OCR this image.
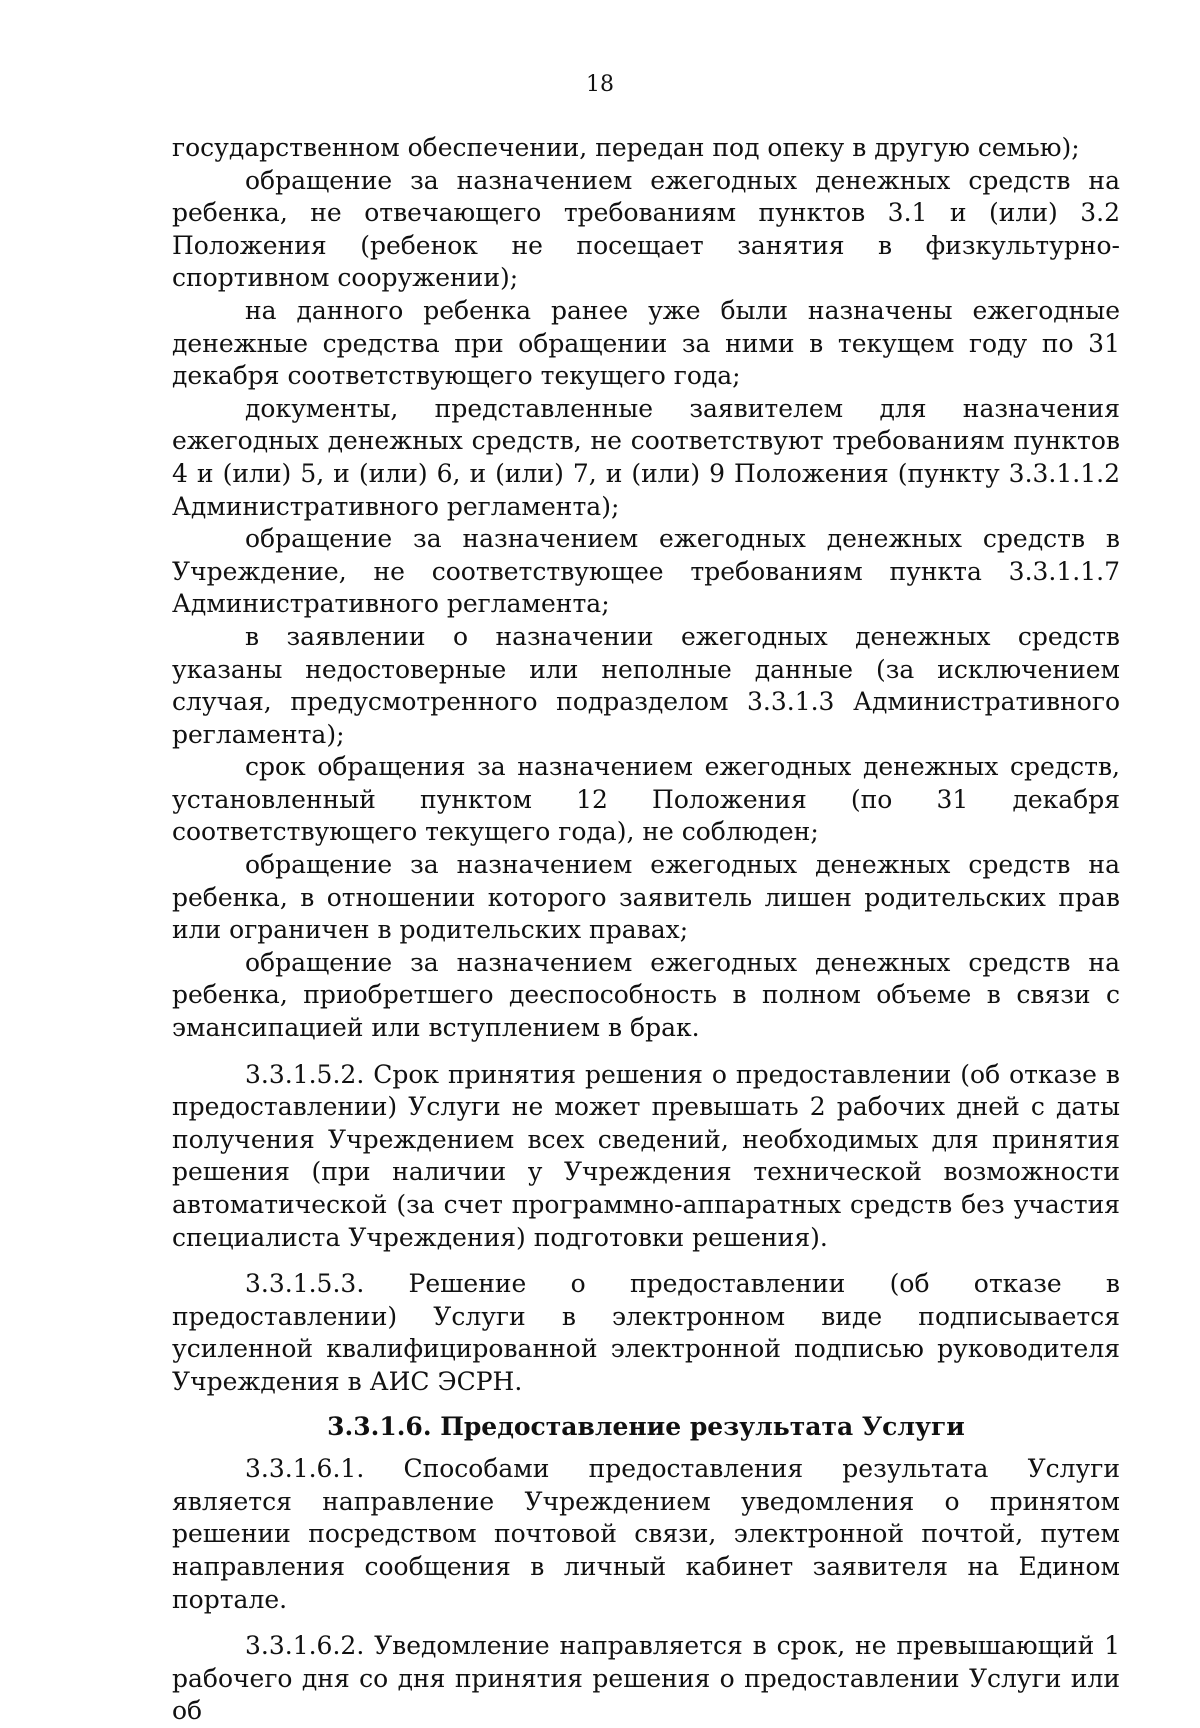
18

государственном обеспечении, передан под опеку в другую семью);

обращение за назначением ежегодных денежных средств на ребенка, не отвечающего требованиям пунктов 3.1 и (или) 3.2 Положения (ребенок не посещает занятия в физкультурно-спортивном сооружении);

на данного ребенка ранее уже были назначены ежегодные денежные средства при обращении за ними в текущем году по 31 декабря соответствующего текущего года;

документы, представленные заявителем для назначения ежегодных денежных средств, не соответствуют требованиям пунктов 4 и (или) 5, и (или) 6, и (или) 7, и (или) 9 Положения (пункту 3.3.1.1.2 Административного регламента);

обращение за назначением ежегодных денежных средств в Учреждение, не соответствующее требованиям пункта 3.3.1.1.7 Административного регламента;

в заявлении о назначении ежегодных денежных средств указаны недостоверные или неполные данные (за исключением случая, предусмотренного подразделом 3.3.1.3 Административного регламента);

срок обращения за назначением ежегодных денежных средств, установленный пунктом 12 Положения (по 31 декабря соответствующего текущего года), не соблюден;

обращение за назначением ежегодных денежных средств на ребенка, в отношении которого заявитель лишен родительских прав или ограничен в родительских правах;

обращение за назначением ежегодных денежных средств на ребенка, приобретшего дееспособность в полном объеме в связи с эмансипацией или вступлением в брак.

3.3.1.5.2. Срок принятия решения о предоставлении (об отказе в предоставлении) Услуги не может превышать 2 рабочих дней с даты получения Учреждением всех сведений, необходимых для принятия решения (при наличии у Учреждения технической возможности автоматической (за счет программно-аппаратных средств без участия специалиста Учреждения) подготовки решения).

3.3.1.5.3. Решение о предоставлении (об отказе в предоставлении) Услуги в электронном виде подписывается усиленной квалифицированной электронной подписью руководителя Учреждения в АИС ЭСРН.

3.3.1.6. Предоставление результата Услуги

3.3.1.6.1. Способами предоставления результата Услуги является направление Учреждением уведомления о принятом решении посредством почтовой связи, электронной почтой, путем направления сообщения в личный кабинет заявителя на Едином портале.

3.3.1.6.2. Уведомление направляется в срок, не превышающий 1 рабочего дня со дня принятия решения о предоставлении Услуги или об
